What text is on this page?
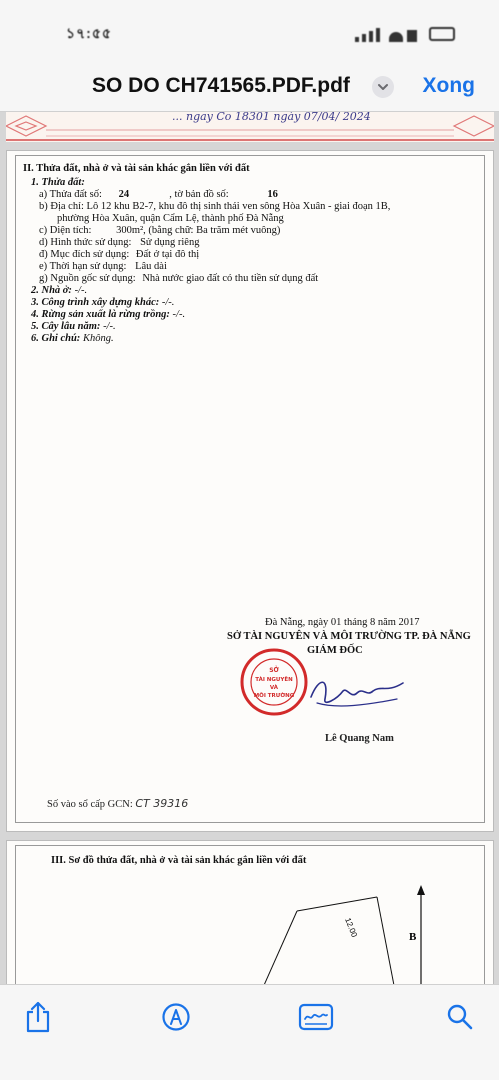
১৭:৫৫
SO DO CH741565.PDF.pdf	Xong
... ngay Co 18301 ngày 07/04/ 2024
II. Thửa đất, nhà ở và tài sản khác gắn liền với đất
1. Thửa đất:
a) Thửa đất số: 24	, tờ bản đồ số:	16
b) Địa chỉ: Lô 12 khu B2-7, khu đô thị sinh thái ven sông Hòa Xuân - giai đoạn 1B,
phường Hòa Xuân, quận Cẩm Lệ, thành phố Đà Nẵng
c) Diện tích: 300m², (bằng chữ: Ba trăm mét vuông)
d) Hình thức sử dụng: Sử dụng riêng
đ) Mục đích sử dụng: Đất ở tại đô thị
e) Thời hạn sử dụng: Lâu dài
g) Nguồn gốc sử dụng: Nhà nước giao đất có thu tiền sử dụng đất
2. Nhà ở: -/-.
3. Công trình xây dựng khác: -/-.
4. Rừng sản xuất là rừng trồng: -/-.
5. Cây lâu năm: -/-.
6. Ghi chú: Không.
Đà Nẵng, ngày 01 tháng 8 năm 2017
SỞ TÀI NGUYÊN VÀ MÔI TRƯỜNG TP. ĐÀ NẴNG
GIÁM ĐỐC
Lê Quang Nam
SỞ
TÀI NGUYÊN
VÀ
MÔI TRƯỜNG
Số vào sổ cấp GCN: CT 39316
III. Sơ đồ thửa đất, nhà ở và tài sản khác gắn liền với đất
B
12.00
